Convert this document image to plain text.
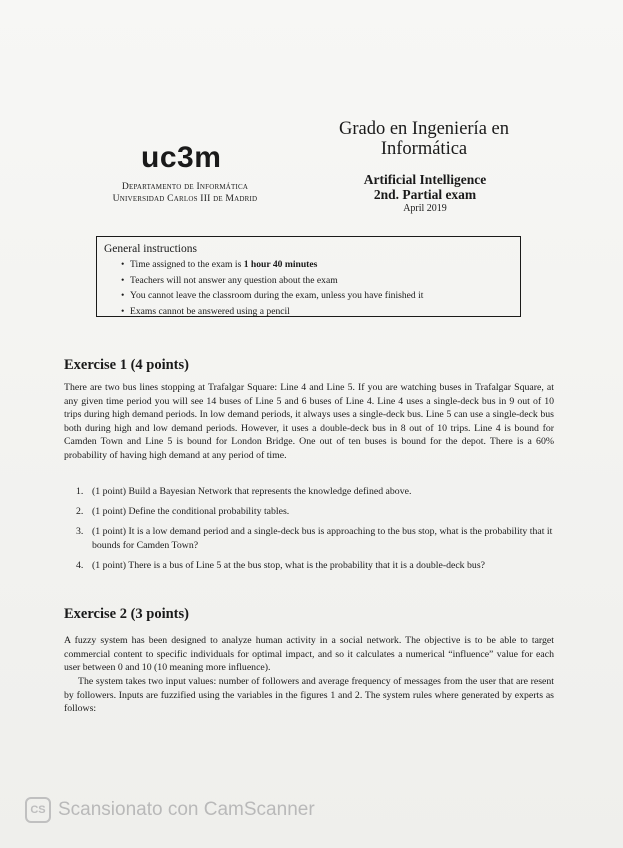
uc3m
Departamento de Informática
Universidad Carlos III de Madrid
Grado en Ingeniería en
Informática
Artificial Intelligence
2nd. Partial exam
April 2019
General instructions
• Time assigned to the exam is 1 hour 40 minutes
• Teachers will not answer any question about the exam
• You cannot leave the classroom during the exam, unless you have finished it
• Exams cannot be answered using a pencil
Exercise 1 (4 points)
There are two bus lines stopping at Trafalgar Square: Line 4 and Line 5. If you are watching buses in Trafalgar Square, at any given time period you will see 14 buses of Line 5 and 6 buses of Line 4. Line 4 uses a single-deck bus in 9 out of 10 trips during high demand periods. In low demand periods, it always uses a single-deck bus. Line 5 can use a single-deck bus both during high and low demand periods. However, it uses a double-deck bus in 8 out of 10 trips. Line 4 is bound for Camden Town and Line 5 is bound for London Bridge. One out of ten buses is bound for the depot. There is a 60% probability of having high demand at any period of time.
1. (1 point) Build a Bayesian Network that represents the knowledge defined above.
2. (1 point) Define the conditional probability tables.
3. (1 point) It is a low demand period and a single-deck bus is approaching to the bus stop, what is the probability that it bounds for Camden Town?
4. (1 point) There is a bus of Line 5 at the bus stop, what is the probability that it is a double-deck bus?
Exercise 2 (3 points)
A fuzzy system has been designed to analyze human activity in a social network. The objective is to be able to target commercial content to specific individuals for optimal impact, and so it calculates a numerical “influence” value for each user between 0 and 10 (10 meaning more influence).
The system takes two input values: number of followers and average frequency of messages from the user that are resent by followers. Inputs are fuzzified using the variables in the figures 1 and 2. The system rules where generated by experts as follows:
CS Scansionato con CamScanner
